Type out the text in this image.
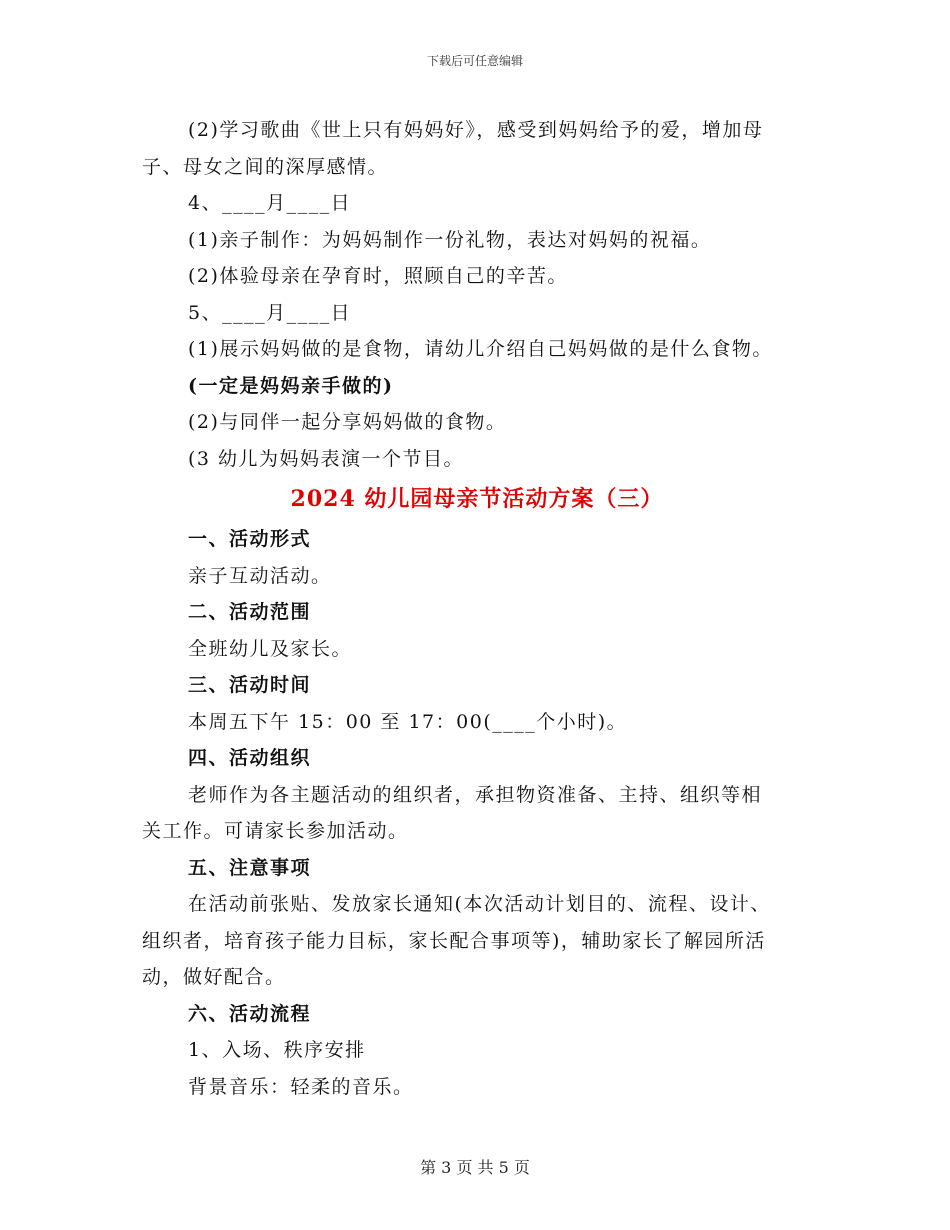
下载后可任意编辑

(2)学习歌曲《世上只有妈妈好》，感受到妈妈给予的爱，增加母

子、母女之间的深厚感情。

4、____月____日

(1)亲子制作：为妈妈制作一份礼物，表达对妈妈的祝福。

(2)体验母亲在孕育时，照顾自己的辛苦。

5、____月____日

(1)展示妈妈做的是食物，请幼儿介绍自己妈妈做的是什么食物。

(一定是妈妈亲手做的)

(2)与同伴一起分享妈妈做的食物。

(3 幼儿为妈妈表演一个节目。

2024 幼儿园母亲节活动方案（三）

一、活动形式

亲子互动活动。

二、活动范围

全班幼儿及家长。

三、活动时间

本周五下午 15：00 至 17：00(____个小时)。

四、活动组织

老师作为各主题活动的组织者，承担物资准备、主持、组织等相

关工作。可请家长参加活动。

五、注意事项

在活动前张贴、发放家长通知(本次活动计划目的、流程、设计、

组织者，培育孩子能力目标，家长配合事项等)，辅助家长了解园所活

动，做好配合。

六、活动流程

1、入场、秩序安排

背景音乐：轻柔的音乐。

第 3 页 共 5 页
